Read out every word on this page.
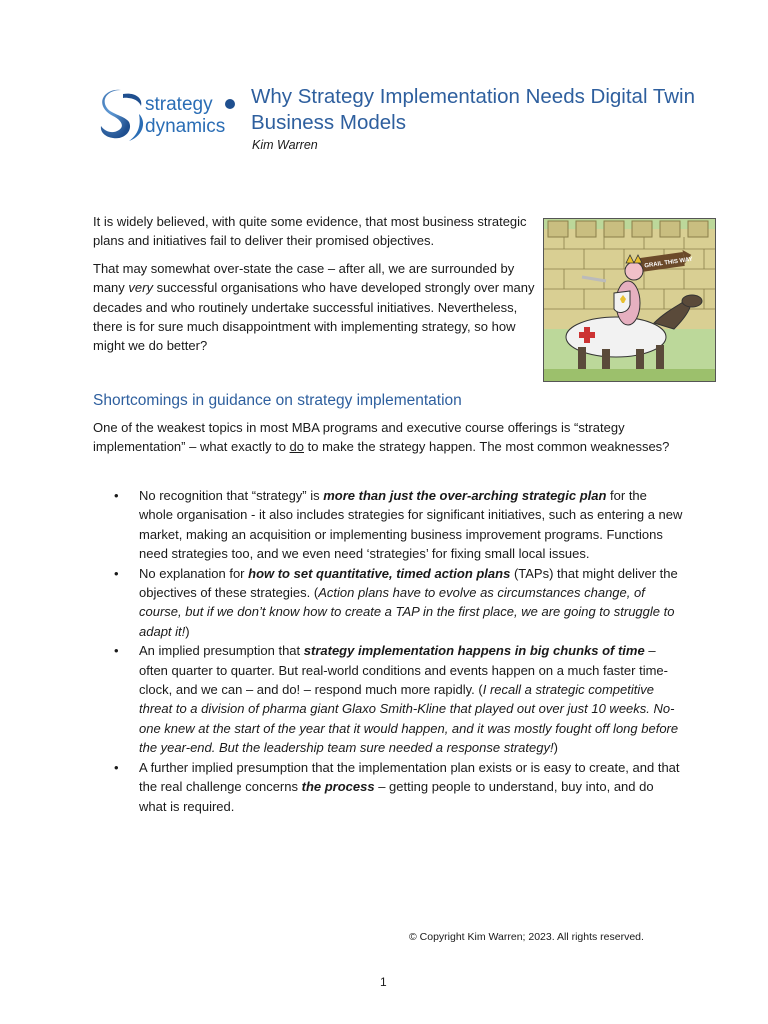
strategy
dynamics
Why Strategy Implementation Needs Digital Twin Business Models
Kim Warren

It is widely believed, with quite some evidence, that most business strategic plans and initiatives fail to deliver their promised objectives.

That may somewhat over-state the case – after all, we are surrounded by many very successful organisations who have developed strongly over many decades and who routinely undertake successful initiatives. Nevertheless, there is for sure much disappointment with implementing strategy, so how might we do better?

GRAIL THIS WAY
Shortcomings in guidance on strategy implementation

One of the weakest topics in most MBA programs and executive course offerings is “strategy implementation” – what exactly to do to make the strategy happen. The most common weaknesses?

• No recognition that “strategy” is more than just the over-arching strategic plan for the whole organisation - it also includes strategies for significant initiatives, such as entering a new market, making an acquisition or implementing business improvement programs. Functions need strategies too, and we even need ‘strategies’ for fixing small local issues.
• No explanation for how to set quantitative, timed action plans (TAPs) that might deliver the objectives of these strategies. (Action plans have to evolve as circumstances change, of course, but if we don’t know how to create a TAP in the first place, we are going to struggle to adapt it!)
• An implied presumption that strategy implementation happens in big chunks of time – often quarter to quarter. But real-world conditions and events happen on a much faster time-clock, and we can – and do! – respond much more rapidly. (I recall a strategic competitive threat to a division of pharma giant Glaxo Smith-Kline that played out over just 10 weeks. No-one knew at the start of the year that it would happen, and it was mostly fought off long before the year-end. But the leadership team sure needed a response strategy!)
• A further implied presumption that the implementation plan exists or is easy to create, and that the real challenge concerns the process – getting people to understand, buy into, and do what is required.
© Copyright Kim Warren; 2023. All rights reserved.
1
